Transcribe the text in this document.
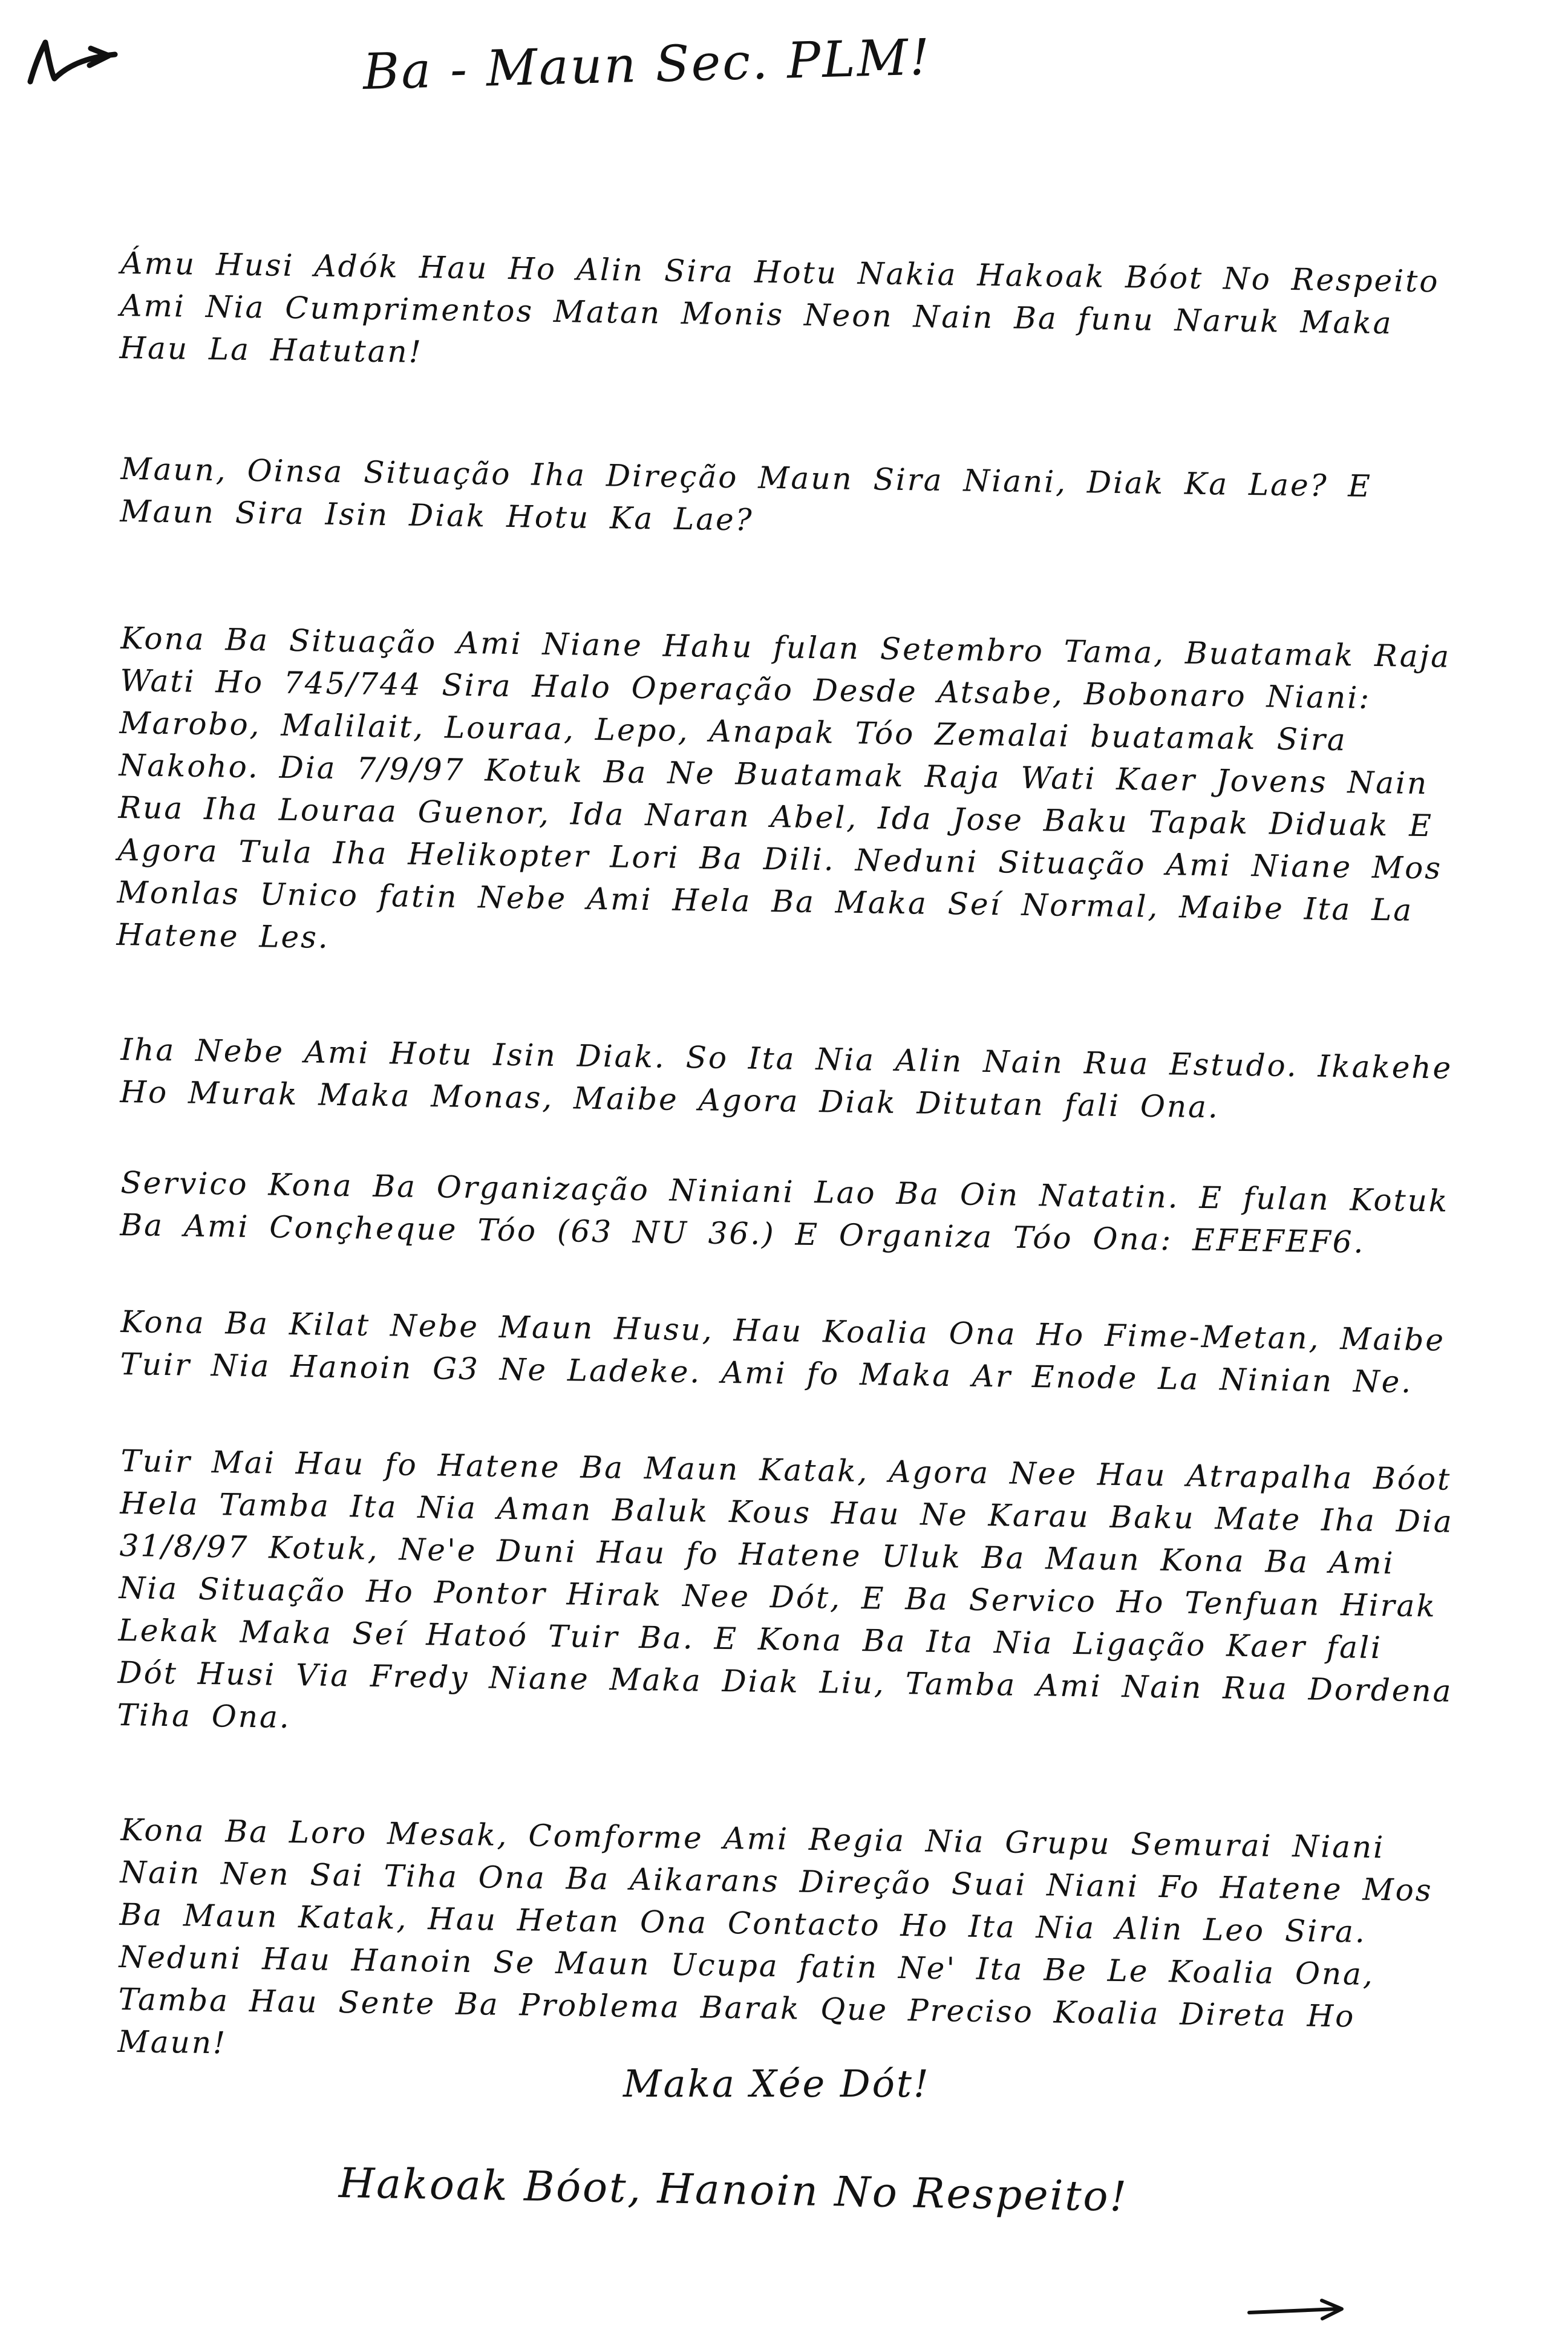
Ba - Maun Sec. PLM!

Ámu Husi Adók Hau Ho Alin Sira Hotu Nakia Hakoak Bóot No Respeito Ami Nia Cumprimentos Matan Monis Neon Nain Ba funu Naruk Maka Hau La Hatutan!

Maun, Oinsa Situação Iha Direção Maun Sira Niani, Diak Ka Lae? E Maun Sira Isin Diak Hotu Ka Lae?

Kona Ba Situação Ami Niane Hahu fulan Setembro Tama, Buatamak Raja Wati Ho 745/744 Sira Halo Operação Desde Atsabe, Bobonaro Niani: Marobo, Malilait, Louraa, Lepo, Anapak Tóo Zemalai buatamak Sira Nakoho. Dia 7/9/97 Kotuk Ba Ne Buatamak Raja Wati Kaer Jovens Nain Rua Iha Louraa Guenor, Ida Naran Abel, Ida Jose Baku Tapak Diduak E Agora Tula Iha Helikopter Lori Ba Dili. Neduni Situação Ami Niane Mos Monlas Unico fatin Nebe Ami Hela Ba Maka Seí Normal, Maibe Ita La Hatene Les.

Iha Nebe Ami Hotu Isin Diak. So Ita Nia Alin Nain Rua Estudo. Ikakehe Ho Murak Maka Monas, Maibe Agora Diak Ditutan fali Ona.

Servico Kona Ba Organização Niniani Lao Ba Oin Natatin. E fulan Kotuk Ba Ami Conçheque Tóo (63 NU 36.) E Organiza Tóo Ona: EFEFEF6.

Kona Ba Kilat Nebe Maun Husu, Hau Koalia Ona Ho Fime-Metan, Maibe Tuir Nia Hanoin G3 Ne Ladeke. Ami fo Maka Ar Enode La Ninian Ne.

Tuir Mai Hau fo Hatene Ba Maun Katak, Agora Nee Hau Atrapalha Bóot Hela Tamba Ita Nia Aman Baluk Kous Hau Ne Karau Baku Mate Iha Dia 31/8/97 Kotuk, Ne'e Duni Hau fo Hatene Uluk Ba Maun Kona Ba Ami Nia Situação Ho Pontor Hirak Nee Dót, E Ba Servico Ho Tenfuan Hirak Lekak Maka Seí Hatoó Tuir Ba. E Kona Ba Ita Nia Ligação Kaer fali Dót Husi Via Fredy Niane Maka Diak Liu, Tamba Ami Nain Rua Dordena Tiha Ona.

Kona Ba Loro Mesak, Comforme Ami Regia Nia Grupu Semurai Niani Nain Nen Sai Tiha Ona Ba Aikarans Direção Suai Niani Fo Hatene Mos Ba Maun Katak, Hau Hetan Ona Contacto Ho Ita Nia Alin Leo Sira. Neduni Hau Hanoin Se Maun Ucupa fatin Ne' Ita Be Le Koalia Ona, Tamba Hau Sente Ba Problema Barak Que Preciso Koalia Direta Ho Maun!

Maka Xée Dót!
Hakoak Bóot, Hanoin No Respeito!
